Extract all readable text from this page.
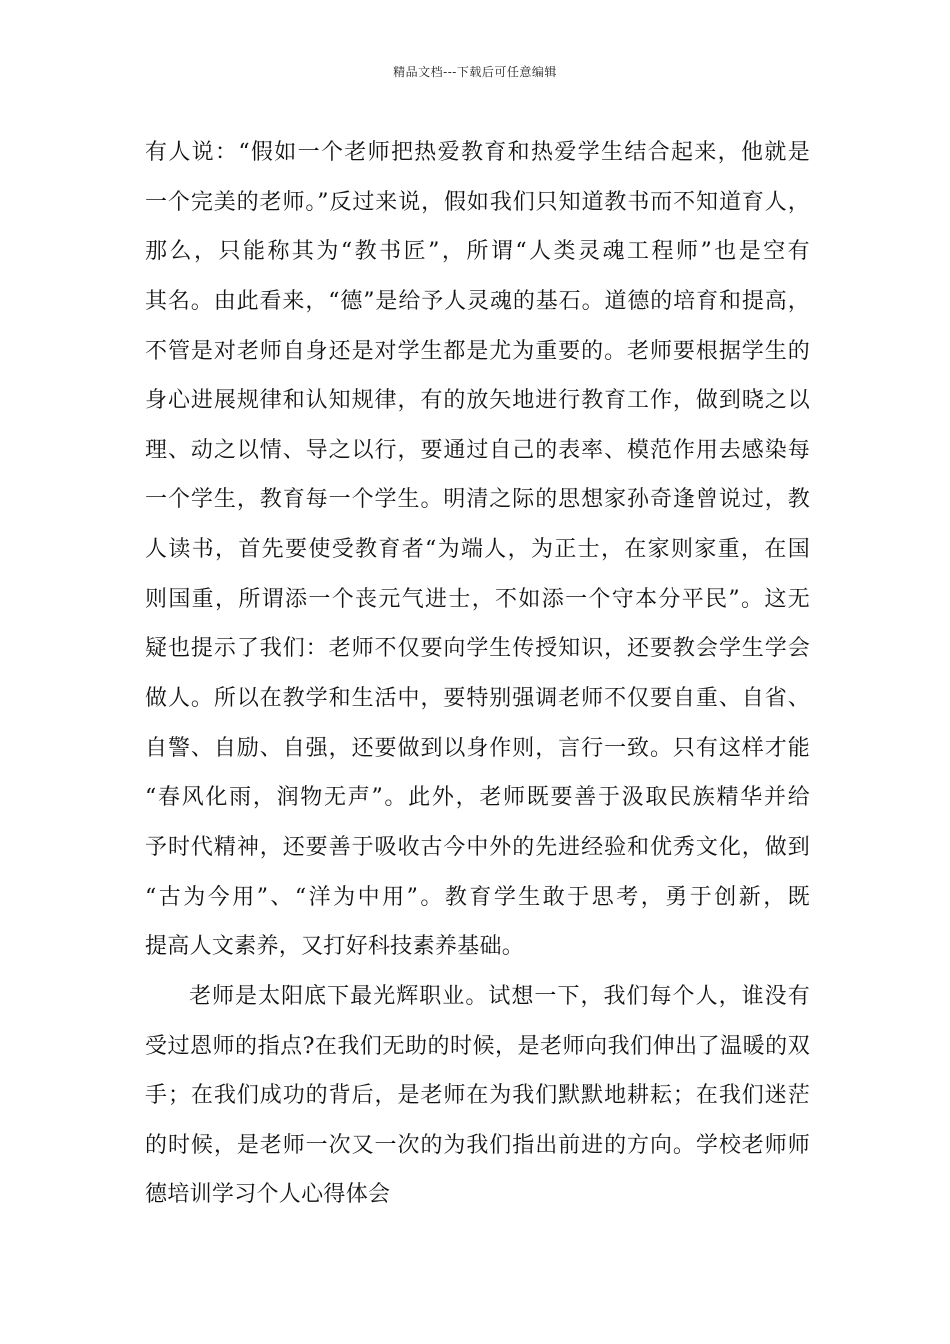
精品文档---下载后可任意编辑
有人说：“假如一个老师把热爱教育和热爱学生结合起来，他就是
一个完美的老师。”反过来说，假如我们只知道教书而不知道育人，
那么，只能称其为“教书匠”，所谓“人类灵魂工程师”也是空有
其名。由此看来，“德”是给予人灵魂的基石。道德的培育和提高，
不管是对老师自身还是对学生都是尤为重要的。老师要根据学生的
身心进展规律和认知规律，有的放矢地进行教育工作，做到晓之以
理、动之以情、导之以行，要通过自己的表率、模范作用去感染每
一个学生，教育每一个学生。明清之际的思想家孙奇逢曾说过，教
人读书，首先要使受教育者“为端人，为正士，在家则家重，在国
则国重，所谓添一个丧元气进士，不如添一个守本分平民”。这无
疑也提示了我们：老师不仅要向学生传授知识，还要教会学生学会
做人。所以在教学和生活中，要特别强调老师不仅要自重、自省、
自警、自励、自强，还要做到以身作则，言行一致。只有这样才能
“春风化雨，润物无声”。此外，老师既要善于汲取民族精华并给
予时代精神，还要善于吸收古今中外的先进经验和优秀文化，做到
“古为今用”、“洋为中用”。教育学生敢于思考，勇于创新，既
提高人文素养，又打好科技素养基础。
老师是太阳底下最光辉职业。试想一下，我们每个人，谁没有
受过恩师的指点?在我们无助的时候，是老师向我们伸出了温暖的双
手；在我们成功的背后，是老师在为我们默默地耕耘；在我们迷茫
的时候，是老师一次又一次的为我们指出前进的方向。学校老师师
德培训学习个人心得体会
